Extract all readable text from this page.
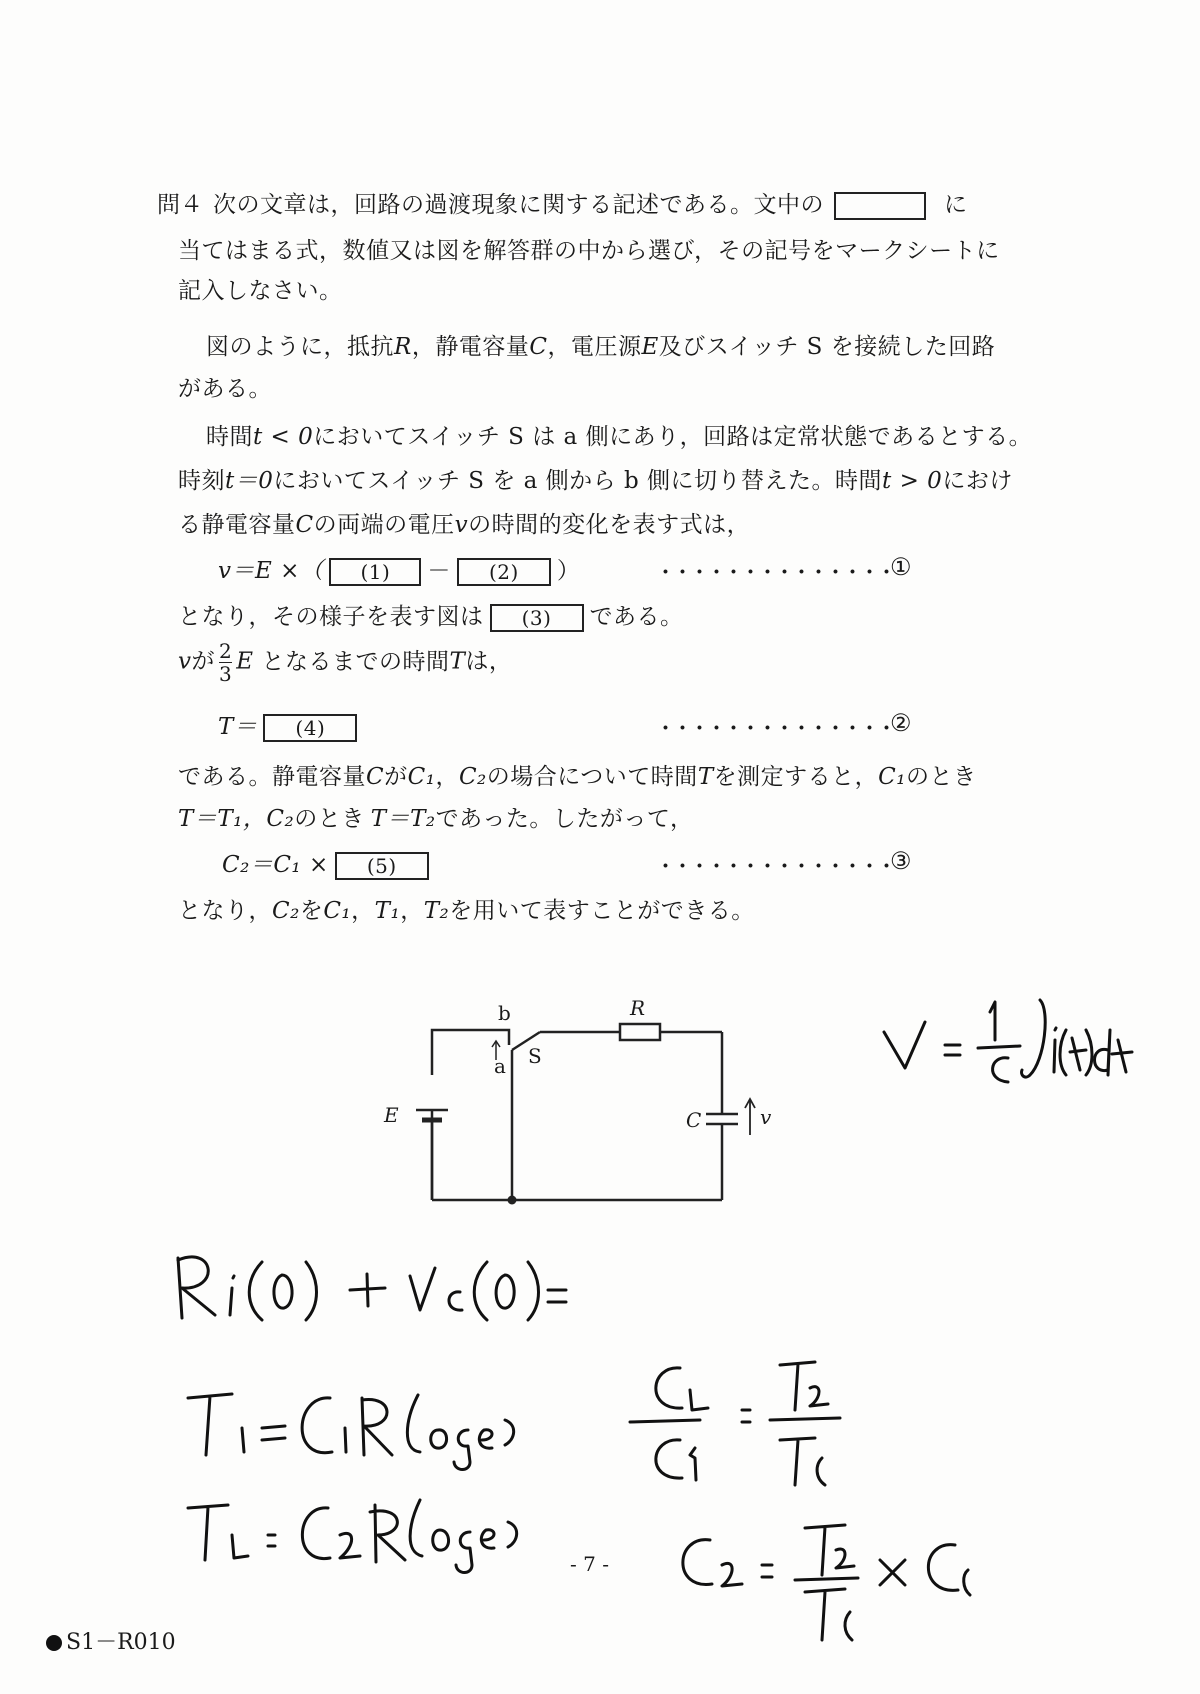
問４ 次の文章は，回路の過渡現象に関する記述である。文中の	に
当てはまる式，数値又は図を解答群の中から選び，その記号をマークシートに
記入しなさい。
図のように，抵抗R，静電容量C，電圧源E及びスイッチ S を接続した回路
がある。
時間t < 0においてスイッチ S は a 側にあり，回路は定常状態であるとする。
時刻t＝0においてスイッチ S を a 側から b 側に切り替えた。時間t > 0におけ
る静電容量Cの両端の電圧vの時間的変化を表す式は，
v＝E ×（ (1) － (2) ）	･･････････････
①
となり，その様子を表す図は (3) である。
vが $\frac{2}{3}$ E となるまでの時間Tは，
T＝ (4)	･･････････････
②
である。静電容量CがC₁，C₂の場合について時間Tを測定すると，C₁のとき
T＝T₁，C₂のとき T＝T₂であった。したがって，
C₂＝C₁ × (5)	･･････････････
③
となり，C₂をC₁，T₁，T₂を用いて表すことができる。
b
a S
R
E	C	v
- 7 -
S1－R010
